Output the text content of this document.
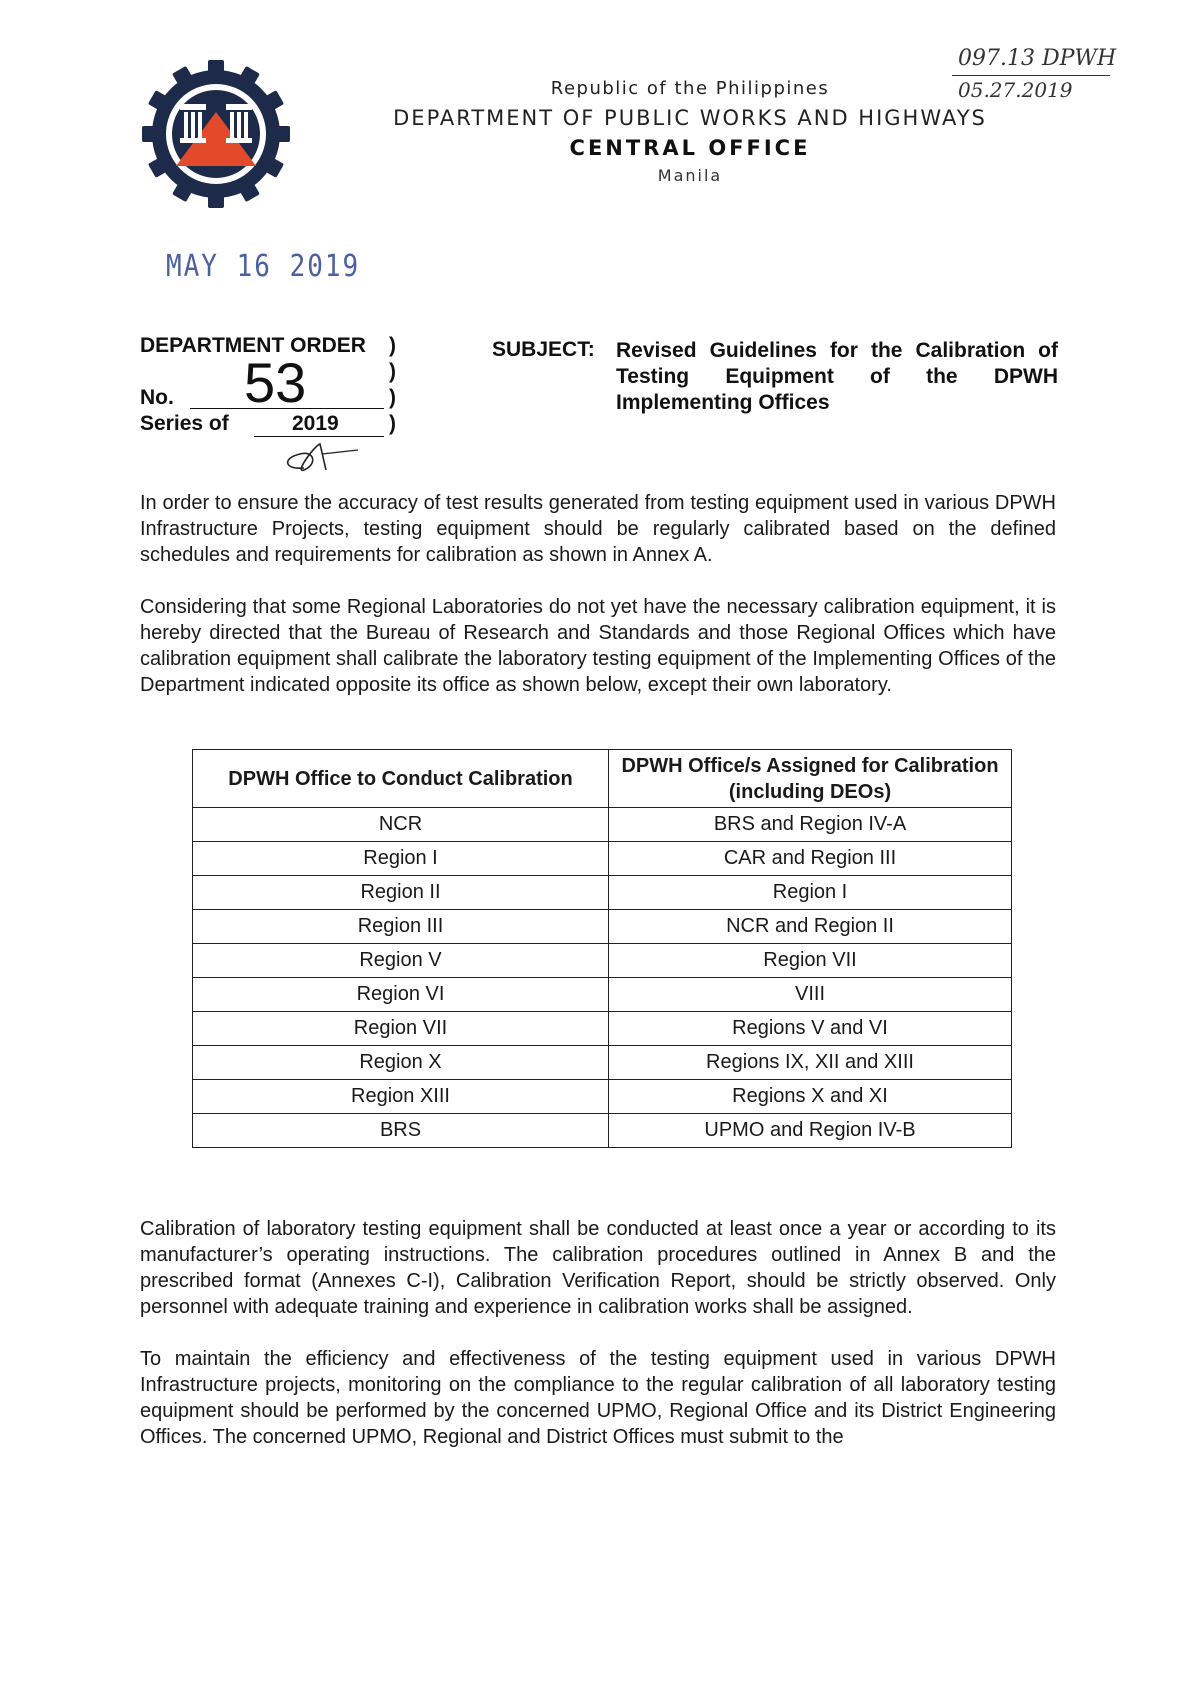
Republic of the Philippines
DEPARTMENT OF PUBLIC WORKS AND HIGHWAYS
CENTRAL OFFICE
Manila
097.13 DPWH
05.27.2019
MAY 16 2019
DEPARTMENT ORDER )
53
No.
)
)
Series of	2019 )
SUBJECT: Revised Guidelines for the Calibration of Testing Equipment of the DPWH Implementing Offices
In order to ensure the accuracy of test results generated from testing equipment used in various DPWH Infrastructure Projects, testing equipment should be regularly calibrated based on the defined schedules and requirements for calibration as shown in Annex A.
Considering that some Regional Laboratories do not yet have the necessary calibration equipment, it is hereby directed that the Bureau of Research and Standards and those Regional Offices which have calibration equipment shall calibrate the laboratory testing equipment of the Implementing Offices of the Department indicated opposite its office as shown below, except their own laboratory.
DPWH Office to Conduct Calibration	DPWH Office/s Assigned for Calibration (including DEOs)
NCR	BRS and Region IV-A
Region I	CAR and Region III
Region II	Region I
Region III	NCR and Region II
Region V	Region VII
Region VI	VIII
Region VII	Regions V and VI
Region X	Regions IX, XII and XIII
Region XIII	Regions X and XI
BRS	UPMO and Region IV-B
Calibration of laboratory testing equipment shall be conducted at least once a year or according to its manufacturer’s operating instructions. The calibration procedures outlined in Annex B and the prescribed format (Annexes C-I), Calibration Verification Report, should be strictly observed. Only personnel with adequate training and experience in calibration works shall be assigned.
To maintain the efficiency and effectiveness of the testing equipment used in various DPWH Infrastructure projects, monitoring on the compliance to the regular calibration of all laboratory testing equipment should be performed by the concerned UPMO, Regional Office and its District Engineering Offices. The concerned UPMO, Regional and District Offices must submit to the
